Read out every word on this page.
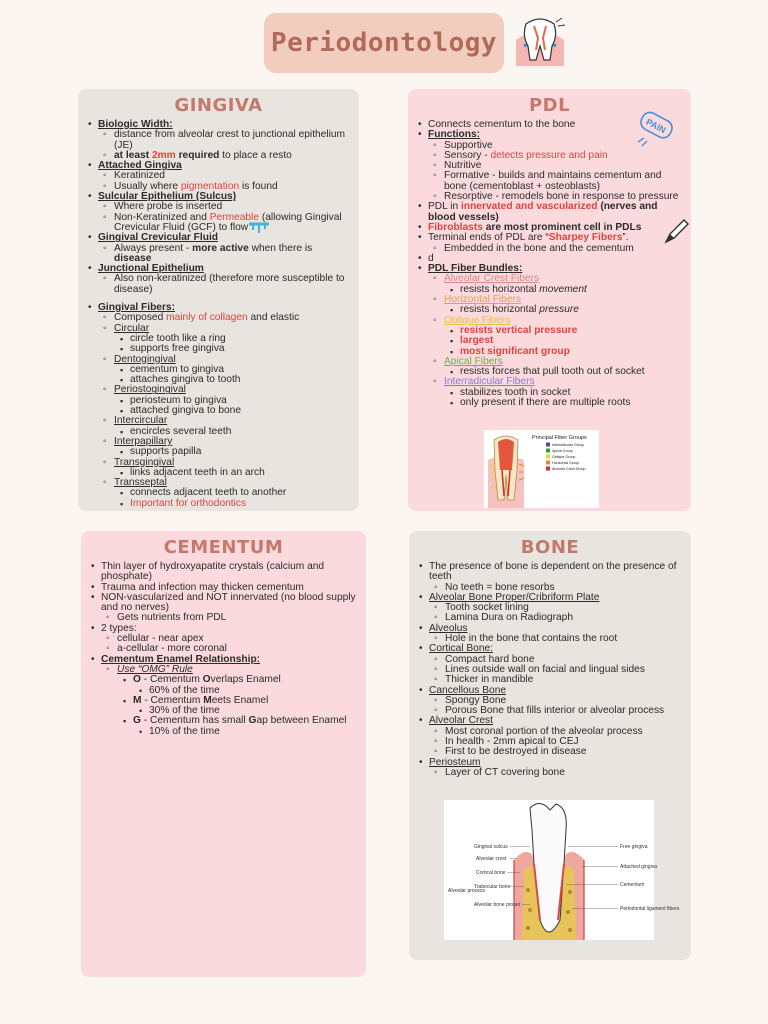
Periodontology
GINGIVA
• Biologic Width:
◦ distance from alveolar crest to junctional epithelium (JE)
◦ at least 2mm required to place a resto
• Attached Gingiva
◦ Keratinized
◦ Usually where pigmentation is found
• Sulcular Epithelium (Sulcus)
◦ Where probe is inserted
◦ Non-Keratinized and Permeable (allowing Gingival Crevicular Fluid (GCF) to flow
• Gingival Crevicular Fluid
◦ Always present - more active when there is disease
• Junctional Epithelium
◦ Also non-keratinized (therefore more susceptible to disease)
• Gingival Fibers:
◦ Composed mainly of collagen and elastic
◦ Circular
▪ circle tooth like a ring
▪ supports free gingiva
◦ Dentogingival
▪ cementum to gingiva
▪ attaches gingiva to tooth
◦ Periostogingival
▪ periosteum to gingiva
▪ attached gingiva to bone
◦ Intercircular
▪ encircles several teeth
◦ Interpapillary
▪ supports papilla
◦ Transgingival
▪ links adjacent teeth in an arch
◦ Transseptal
▪ connects adjacent teeth to another
▪ Important for orthodontics
PDL
• Connects cementum to the bone
• Functions:
◦ Supportive
◦ Sensory - detects pressure and pain
◦ Nutritive
◦ Formative - builds and maintains cementum and bone (cementoblast + osteoblasts)
◦ Resorptive - remodels bone in response to pressure
• PDL in innervated and vascularized (nerves and blood vessels)
• Fibroblasts are most prominent cell in PDLs
• Terminal ends of PDL are “Sharpey Fibers”.
◦ Embedded in the bone and the cementum
• d
• PDL Fiber Bundles:
◦ Alveolar Crest Fibers
▪ resists horizontal movement
◦ Horizontal Fibers
▪ resists horizontal pressure
◦ Oblique Fibers
▪ resists vertical pressure
▪ largest
▪ most significant group
◦ Apical Fibers
▪ resists forces that pull tooth out of socket
◦ Interradicular Fibers
▪ stabilizes tooth in socket
▪ only present if there are multiple roots
PAIN
Principal Fiber Groups
Interradicular Group
Apical Group
Oblique Group
Horizontal Group
Alveolar Crest Group
CEMENTUM
• Thin layer of hydroxyapatite crystals (calcium and phosphate)
• Trauma and infection may thicken cementum
• NON-vascularized and NOT innervated (no blood supply and no nerves)
◦ Gets nutrients from PDL
• 2 types:
◦ cellular - near apex
◦ a-cellular - more coronal
• Cementum Enamel Relationship:
◦ Use “OMG” Rule
▪ O - Cementum Overlaps Enamel
• 60% of the time
▪ M - Cementum Meets Enamel
• 30% of the time
▪ G - Cementum has small Gap between Enamel
• 10% of the time
BONE
• The presence of bone is dependent on the presence of teeth
◦ No teeth = bone resorbs
• Alveolar Bone Proper/Cribriform Plate
◦ Tooth socket lining
◦ Lamina Dura on Radiograph
• Alveolus
◦ Hole in the bone that contains the root
• Cortical Bone:
◦ Compact hard bone
◦ Lines outside wall on facial and lingual sides
◦ Thicker in mandible
• Cancellous Bone
◦ Spongy Bone
◦ Porous Bone that fills interior or alveolar process
• Alveolar Crest
◦ Most coronal portion of the alveolar process
◦ In health - 2mm apical to CEJ
◦ First to be destroyed in disease
• Periosteum
◦ Layer of CT covering bone
Gingival sulcus
Alveolar crest
Cortical bone
Trabecular bone
Alveolar bone proper
Alveolar process
Free gingiva
Attached gingiva
Cementum
Periodontal ligament fibers
